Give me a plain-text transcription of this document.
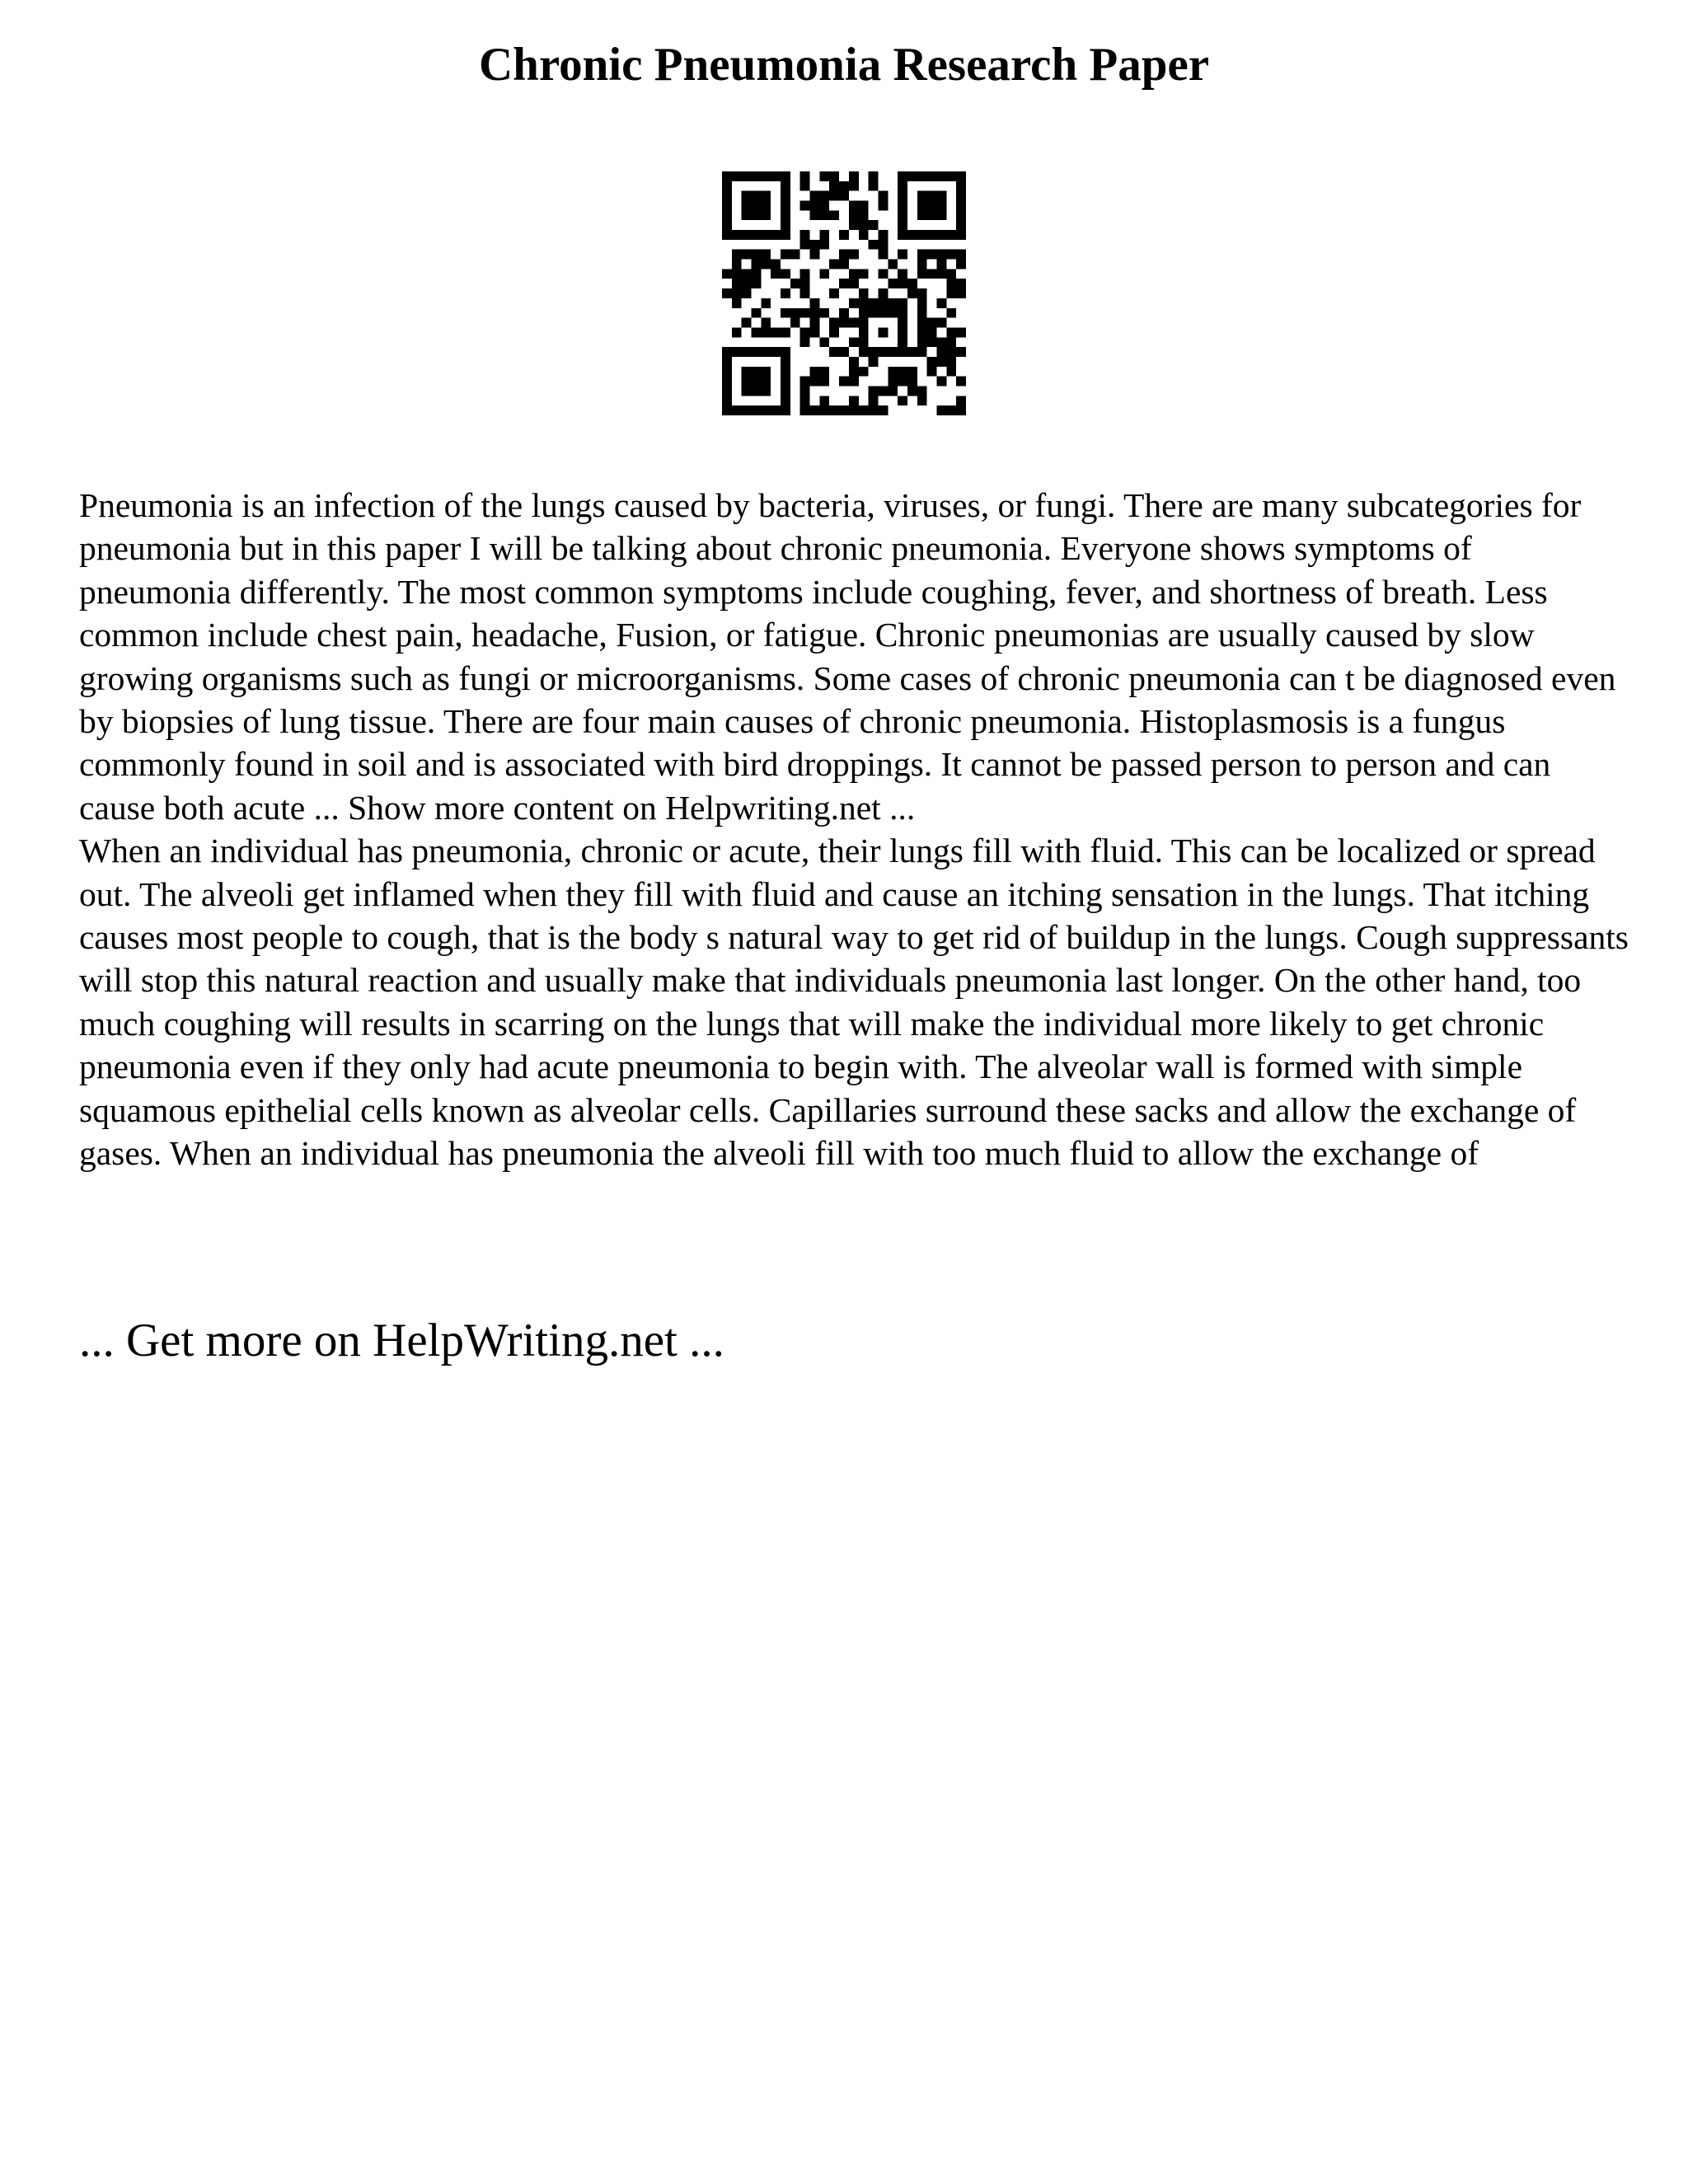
Chronic Pneumonia Research Paper

Pneumonia is an infection of the lungs caused by bacteria, viruses, or fungi. There are many subcategories for pneumonia but in this paper I will be talking about chronic pneumonia. Everyone shows symptoms of pneumonia differently. The most common symptoms include coughing, fever, and shortness of breath. Less common include chest pain, headache, Fusion, or fatigue. Chronic pneumonias are usually caused by slow growing organisms such as fungi or microorganisms. Some cases of chronic pneumonia can t be diagnosed even by biopsies of lung tissue. There are four main causes of chronic pneumonia. Histoplasmosis is a fungus commonly found in soil and is associated with bird droppings. It cannot be passed person to person and can cause both acute ... Show more content on Helpwriting.net ...

When an individual has pneumonia, chronic or acute, their lungs fill with fluid. This can be localized or spread out. The alveoli get inflamed when they fill with fluid and cause an itching sensation in the lungs. That itching causes most people to cough, that is the body s natural way to get rid of buildup in the lungs. Cough suppressants will stop this natural reaction and usually make that individuals pneumonia last longer. On the other hand, too much coughing will results in scarring on the lungs that will make the individual more likely to get chronic pneumonia even if they only had acute pneumonia to begin with. The alveolar wall is formed with simple squamous epithelial cells known as alveolar cells. Capillaries surround these sacks and allow the exchange of gases. When an individual has pneumonia the alveoli fill with too much fluid to allow the exchange of

... Get more on HelpWriting.net ...
